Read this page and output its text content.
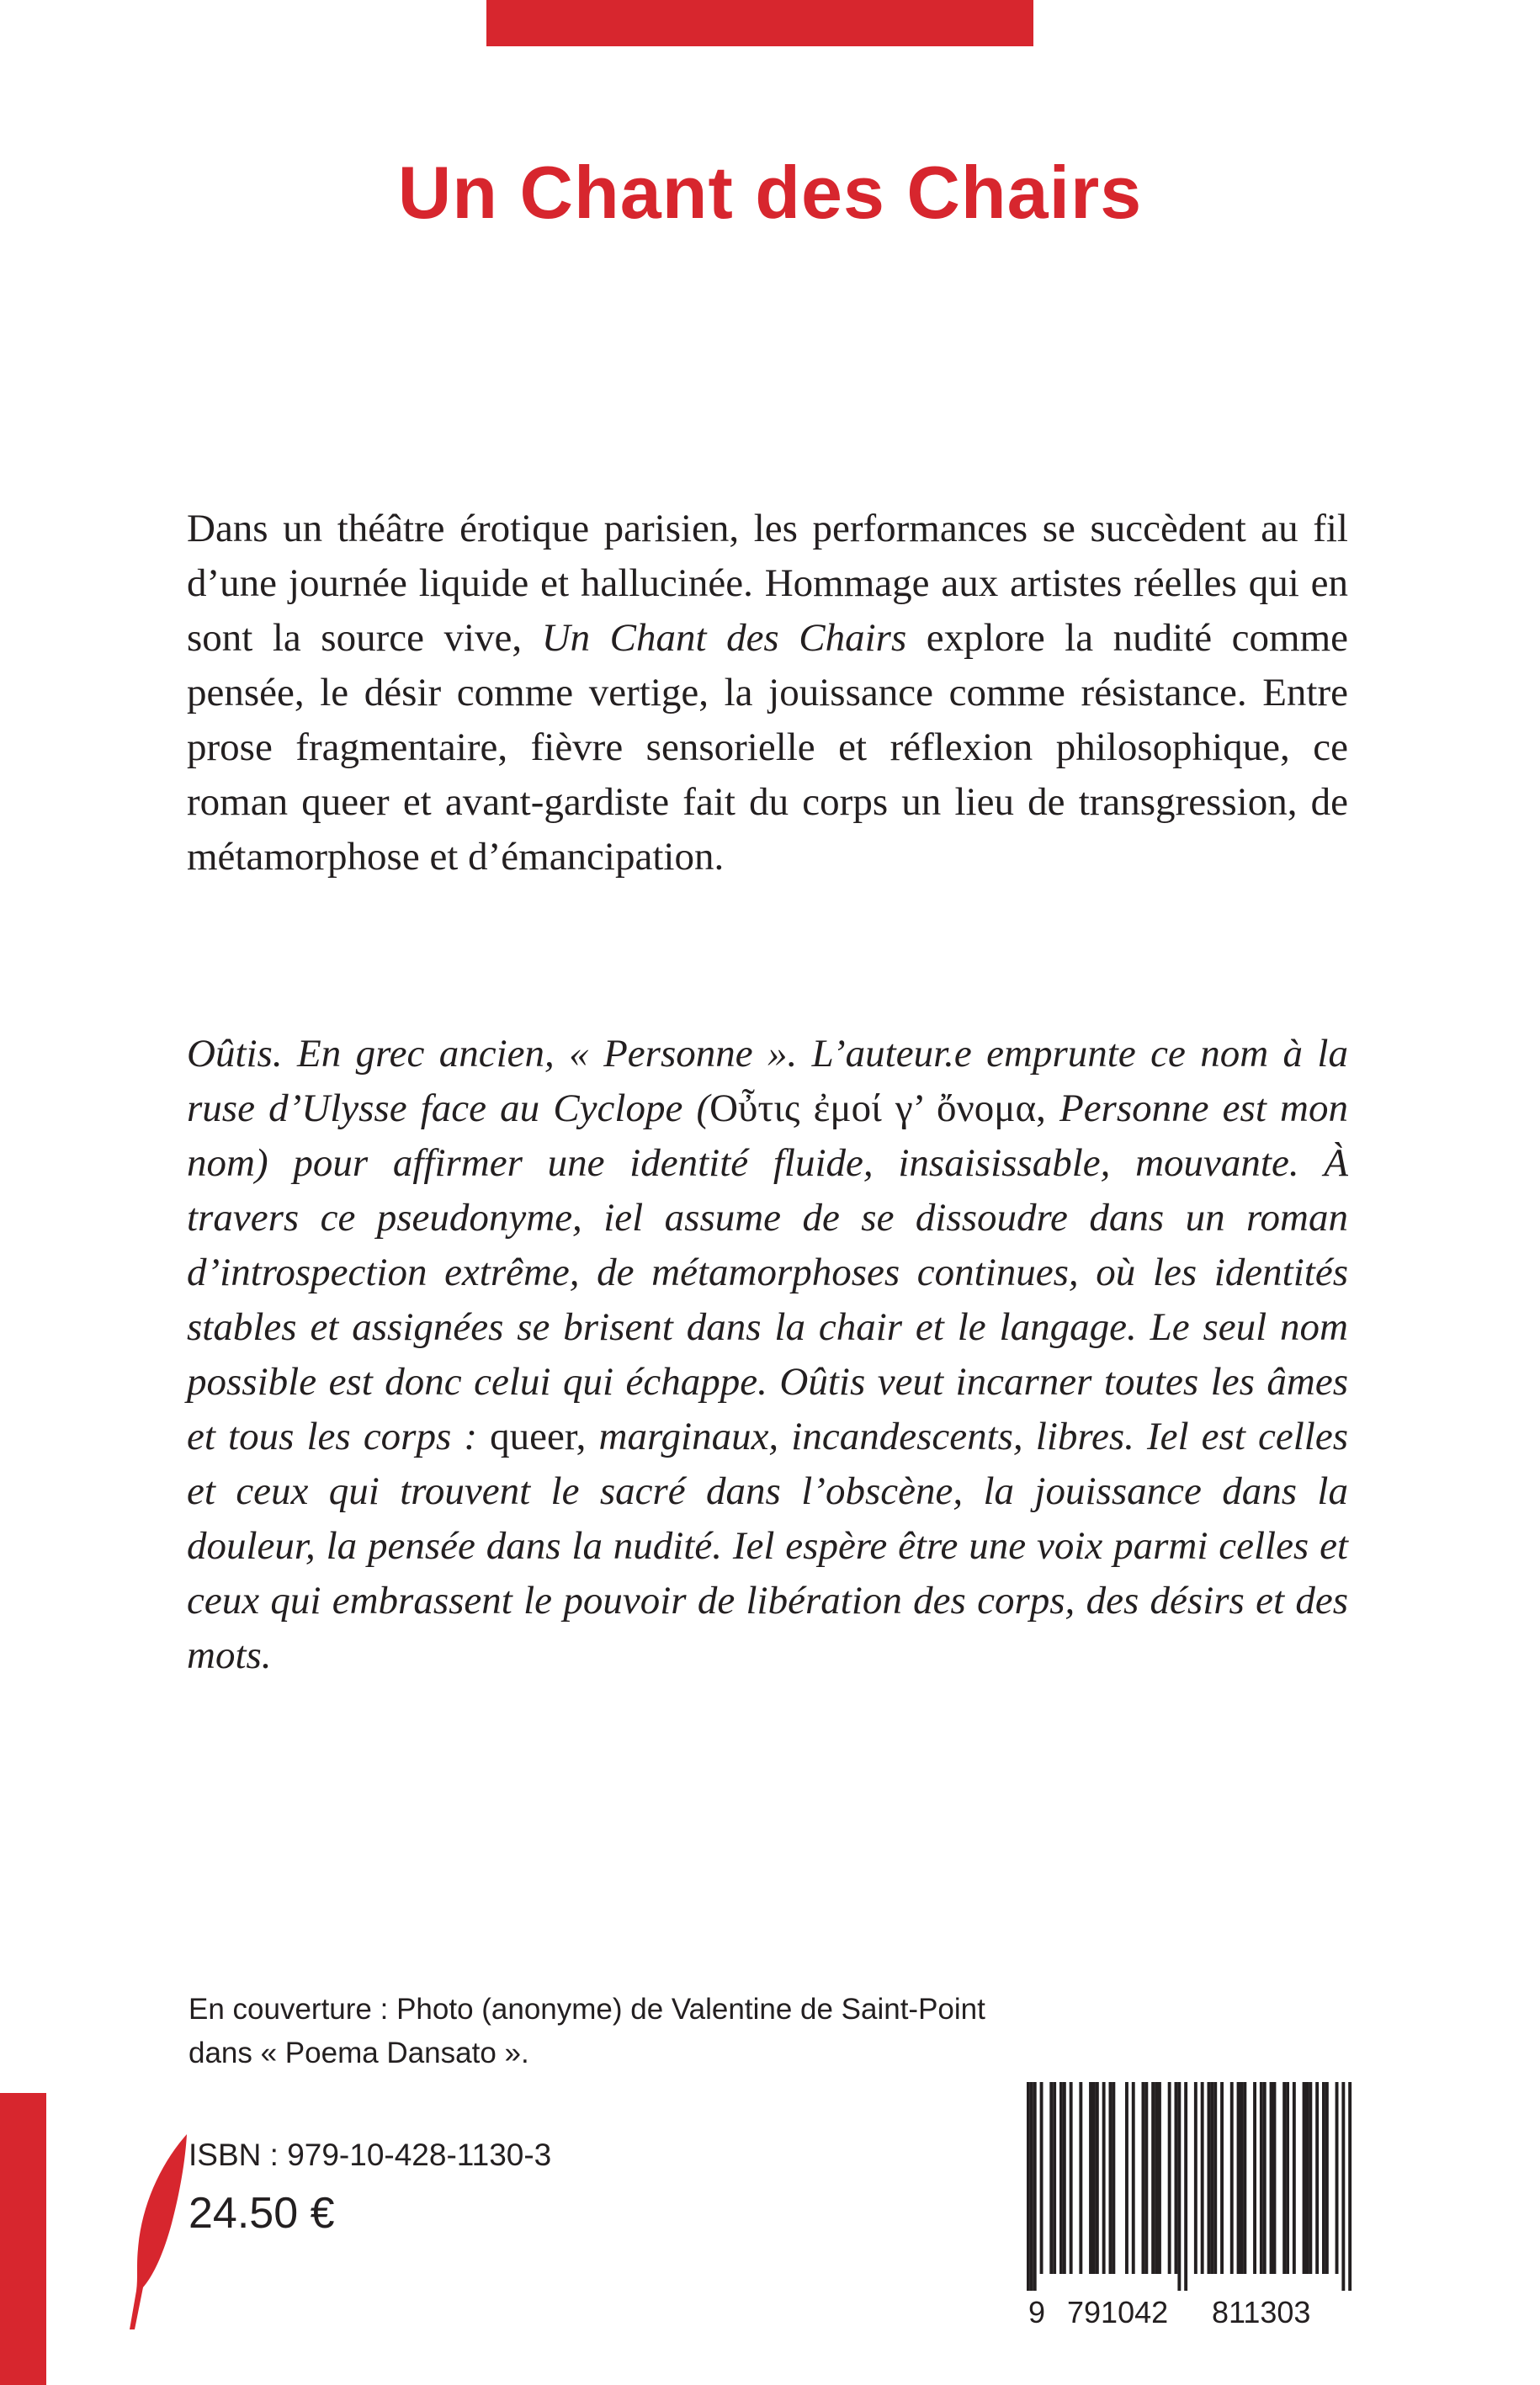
Un Chant des Chairs

Dans un théâtre érotique parisien, les performances se succèdent au fil d’une journée liquide et hallucinée. Hommage aux artistes réelles qui en sont la source vive, Un Chant des Chairs explore la nudité comme pensée, le désir comme vertige, la jouissance comme résistance. Entre prose fragmentaire, fièvre sensorielle et réflexion philosophique, ce roman queer et avant-gardiste fait du corps un lieu de transgression, de métamorphose et d’émancipation.

Oûtis. En grec ancien, « Personne ». L’auteur.e emprunte ce nom à la ruse d’Ulysse face au Cyclope (Οὖτις ἐμοί γ’ ὄνομα, Personne est mon nom) pour affirmer une identité fluide, insaisissable, mouvante. À travers ce pseudonyme, iel assume de se dissoudre dans un roman d’introspection extrême, de métamorphoses continues, où les identités stables et assignées se brisent dans la chair et le langage. Le seul nom possible est donc celui qui échappe. Oûtis veut incarner toutes les âmes et tous les corps : queer, marginaux, incandescents, libres. Iel est celles et ceux qui trouvent le sacré dans l’obscène, la jouissance dans la douleur, la pensée dans la nudité. Iel espère être une voix parmi celles et ceux qui embrassent le pouvoir de libération des corps, des désirs et des mots.

En couverture : Photo (anonyme) de Valentine de Saint-Point
dans « Poema Dansato ».

ISBN : 979-10-428-1130-3

24.50 €

9 791042 811303
